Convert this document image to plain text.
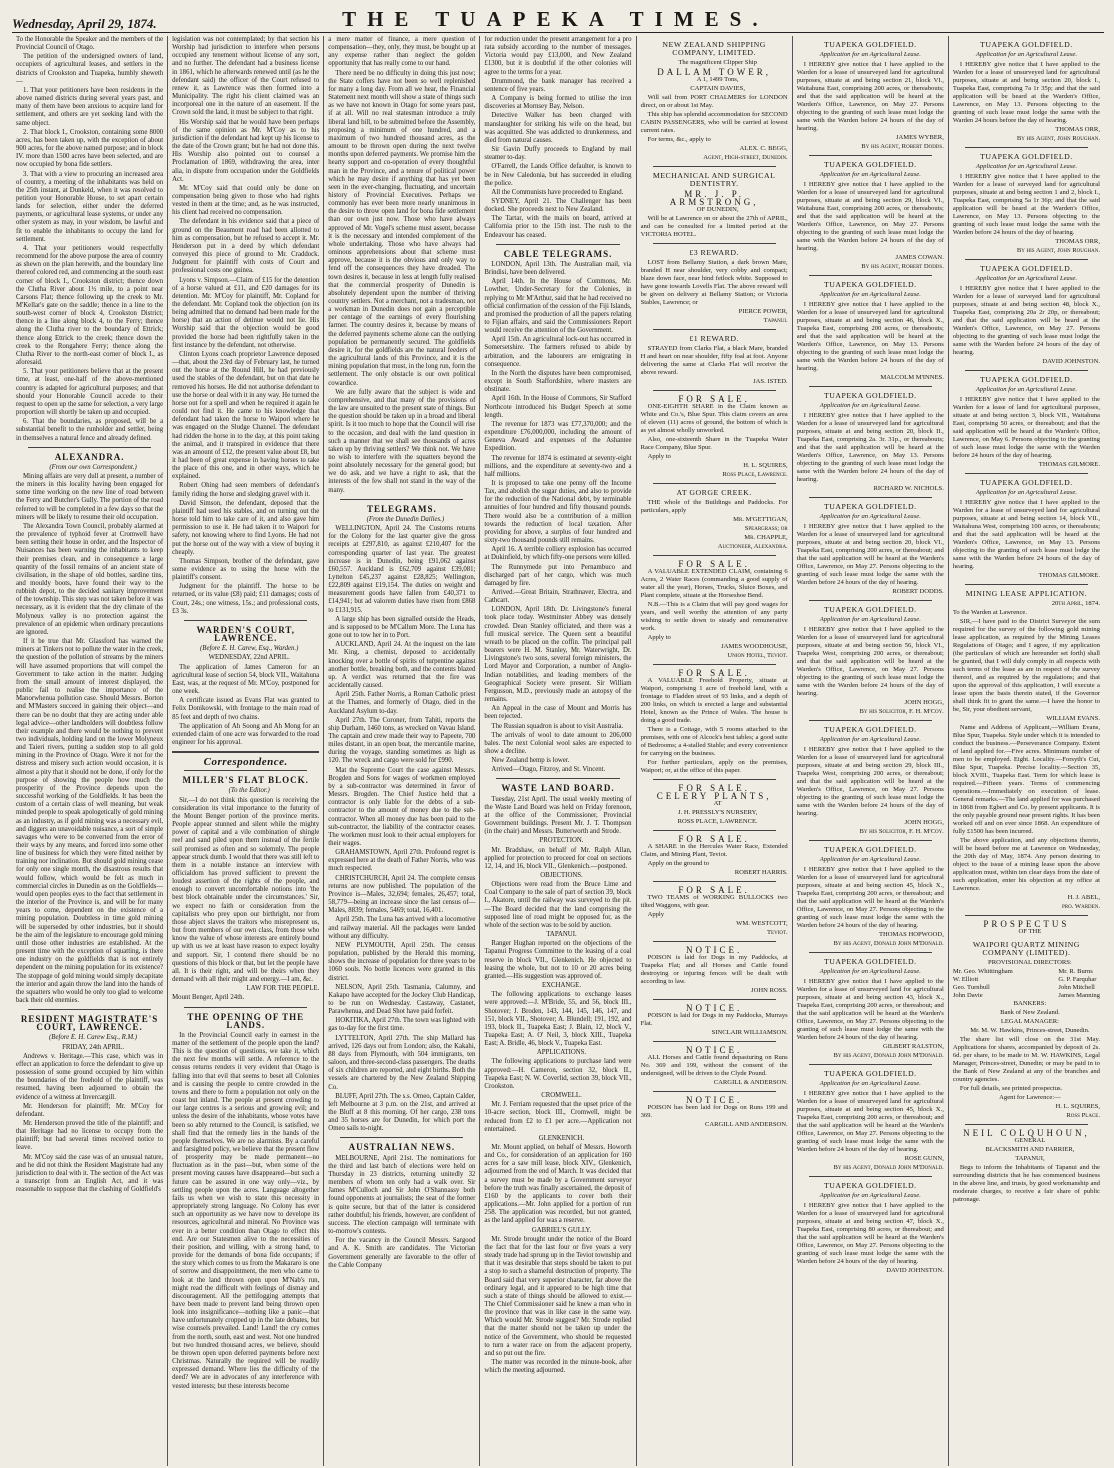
Wednesday, April 29, 1874.	THE TUAPEKA TIMES.

To the Honorable the Speaker and the members of the Provincial Council of Otago.

The petition of the undersigned owners of land, occupiers of agricultural leases, and settlers in the districts of Crookston and Tuapeka, humbly sheweth—

1. That your petitioners have been residents in the above named districts during several years past, and many of them have been anxious to acquire land for settlement, and others are yet seeking land with the same object.

2. That block I., Crookston, containing some 8000 acres, has been taken up, with the exception of about 900 acres, for the above named purpose; and in block IV. more than 1500 acres have been selected, and are now occupied by bona fide settlers.

3. That with a view to procuring an increased area of country, a meeting of the inhabitants was held on the 25th instant, at Dunkeld, when it was resolved to petition your Honorable House, to set apart certain lands for selection, either under the deferred payments, or agricultural lease systems, or under any other system as may, in your wisdom, be lawful and fit to enable the inhabitants to occupy the land for settlement.

4. That your petitioners would respectfully recommend for the above purpose the area of country as shewn on the plan herewith, and the boundary line thereof colored red, and commencing at the south east corner of block I., Crookston district; thence down the Clutha River about 1½ mile, to a point near Carsons Flat; thence following up the creek to Mr. M'Kellar's gate on the saddle; thence in a line to the south-west corner of block 4, Crookston District; thence in a line along block 4, to the Ferry; thence along the Clutha river to the boundary of Ettrick; thence along Ettrick to the creek; thence down the creek to the Rongahere Ferry; thence along the Clutha River to the north-east corner of block I., as aforesaid.

5. That your petitioners believe that at the present time, at least, one-half of the above-mentioned country is adapted for agricultural purposes; and that should your Honorable Council accede to their request to open up the same for selection, a very large proportion will shortly be taken up and occupied.

6. That the boundaries, as proposed, will be a substantial benefit to the runholder and settler, being in themselves a natural fence and already defined.

ALEXANDRA.

(From our own Correspondent.)

Mining affairs are very dull at present, a number of the miners in this locality having been engaged for some time working on the new line of road between the Ferry and Butcher's Gully. The portion of the road referred to will be completed in a few days so that the miners will be likely to resume their old occupation.

The Alexandra Town Council, probably alarmed at the prevalence of typhoid fever at Cromwell have been setting their house in order, and the Inspector of Nuisances has been warning the inhabitants to keep their premises clean, and in consequence a large quantity of the fossil remains of an ancient state of civilisation, in the shape of old bottles, sardine tins, and mouldy boots, have found their way to the rubbish depot, to the decided sanitary improvement of the township. This step was not taken before it was necessary, as it is evident that the dry climate of the Molyneux valley is no protection against the prevalence of an epidemic when ordinary precautions are ignored.

If it be true that Mr. Glassford has warned the miners at Tinkers not to pollute the water in the creek, the question of the pollution of streams by the miners will have assumed proportions that will compel the Government to take action in the matter. Judging from the small amount of interest displayed, the public fail to realise the importance of the Manorwhenua pollution case. Should Messrs. Borton and M'Masters succeed in gaining their object—and there can be no doubt that they are acting under able legal advice—other landholders will doubtless follow their example and there would be nothing to prevent two individuals, holding land on the lower Molyneux and Taieri rivers, putting a sudden stop to all gold mining in the Province of Otago. Were it not for the distress and misery such action would occasion, it is almost a pity that it should not be done, if only for the purpose of showing the people how much the prosperity of the Province depends upon the successful working of the Goldfields. It has been the custom of a certain class of well meaning, but weak minded people to speak apologetically of gold mining as an industry, as if gold mining was a necessary evil, and diggers an unavoidable nuisance, a sort of simple savages who were to be converted from the error of their ways by any means, and forced into some other line of business for which they were fitted neither by training nor inclination. But should gold mining cease for only one single month, the disastrous results that would follow, which would be felt as much in commercial circles in Dunedin as on the Goldfields—would open peoples eyes to the fact that settlement in the interior of the Province is, and will be for many years to come, dependent on the existence of a mining population. Doubtless in time gold mining will be superseded by other industries, but it should be the aim of the legislature to encourage gold mining until those other industries are established. At the present time with the exception of squatting, is there one industry on the goldfields that is not entirely dependent on the mining population for its existence? The stoppage of gold mining would simply decapitate the interior and again throw the land into the hands of the squatters who would be only too glad to welcome back their old enemies.

RESIDENT MAGISTRATE'S COURT, LAWRENCE.

(Before E. H. Carew Esq., R.M.)

FRIDAY, 24th APRIL.

Andrews v. Heritage.—This case, which was in effect an application to force the defendant to give up possession of some ground occupied by him within the boundaries of the freehold of the plaintiff, was resumed, having been adjourned to obtain the evidence of a witness at Invercargill.

Mr. Henderson for plaintiff; Mr. M'Coy for defendant.

Mr. Henderson proved the title of the plaintiff; and that Heritage had no license to occupy from the plaintiff; but had several times received notice to leave.

Mr. M'Coy said the case was of an unusual nature, and he did not think the Resident Magistrate had any jurisdiction to deal with it. The section of the Act was a transcript from an English Act, and it was reasonable to suppose that the clashing of Goldfield's

legislation was not contemplated; by that section his Worship had jurisdiction to interfere when persons occupied any tenement without license of any sort, and no further. The defendant had a business license in 1861, which he afterwards renewed until (as he the defendant said) the officer of the Court refused to renew it, as Lawrence was then formed into a Municipality. The right his client claimed was an incorporeal one in the nature of an easement. If the Crown sold the land, it must be subject to that right.

His Worship said that he would have been perhaps of the same opinion as Mr. M'Coy as to his jurisdiction if the defendant had kept up his license to the date of the Crown grant; but he had not done this. His Worship also pointed out to counsel a Proclamation of 1869, withdrawing the area, inter alia, in dispute from occupation under the Goldfields Act.

Mr. M'Coy said that could only be done on compensation being given to those who had rights vested in them at the time; and, as he was instructed, his client had received no compensation.

The defendant in his evidence said that a piece of ground on the Beaumont road had been allotted to him as compensation, but he refused to accept it. Mr. Henderson put in a deed by which defendant conveyed this piece of ground to Mr. Craddock. Judgment for plaintiff with costs of Court and professional costs one guinea.

Lyons v. Simpson.—Claim of £15 for the detention of a horse valued at £11, and £20 damages for its detention. Mr. M'Coy for plaintiff, Mr. Copland for the defendant. Mr. Copland took the objection (on its being admitted that no demand had been made for the horse) that an action of detinue would not lie. His Worship said that the objection would be good provided the horse had been rightfully taken in the first instance by the defendant, not otherwise.

Clinton Lyons coach proprietor Lawrence deposed—that, about the 23rd day of February last, he turned out the horse at the Round Hill, he had previously used the stables of the defendant, but on that date he removed his horses. He did not authorise defendant to use the horse or deal with it in any way. He turned the horse out for a spell and when he required it again he could not find it. He came to his knowledge that defendant had taken the horse to Waipori where he was engaged on the Sludge Channel. The defendant had ridden the horse in to the day, at this point taking the animal, and it transpired in evidence that there was an amount of £12, the present value about £8, but it had been of great expense in having horses to take the place of this one, and in other ways, which he explained.

Robert Ohing had seen members of defendant's family riding the horse and sledging gravel with it.

David Simson, the defendant, deposed that the plaintiff had used his stables, and on turning out the horse told him to take care of it, and also gave him permission to use it. He had taken it to Waipori for safety, not knowing where to find Lyons. He had not put the horse out of the way with a view of buying it cheaply.

Thomas Simpson, brother of the defendant, gave some evidence as to using the horse with the plaintiff's consent.

Judgment for the plaintiff. The horse to be returned, or its value (£8) paid; £11 damages; costs of Court, 24s.; one witness, 15s.; and professional costs, £3 3s.

WARDEN'S COURT, LAWRENCE.

(Before E. H. Carew, Esq., Warden.)

WEDNESDAY, 22nd APRIL.

The application of James Cameron for an agricultural lease of section 54, block VII., Waitahuna East, was, at the request of Mr. M'Coy, postponed for one week.

A certificate issued as Evans Flat was granted to Felix Donikowski, with frontage to the main road of 85 feet and depth of two chains.

The application of Ah Soong and Ah Mong for an extended claim of one acre was forwarded to the road engineer for his approval.

Correspondence.
MILLER'S FLAT BLOCK.

(To the Editor.)

Sir,—I do not think this question is receiving the consideration its vital importance to the futurity of the Mount Benger portion of the province merits. People appear stunned and silent while the mighty power of capital and a vile combination of shingle reef and sand piled upon them instead of the fertile soil promised as often and so solemnly. The people appear struck dumb. I would that there was still left to them in a notable instance an interview with officialdom has proved sufficient to prevent the loudest assertion of the rights of the people, and enough to convert uncomfortable notions into 'the best block obtainable under the circumstances.' Sir, we expect no faith or consideration from the capitalists who prey upon our birthright, nor from those abject slaves the traitors who misrepresent us, but from members of our own class, from those who know the value of whose interests are entirely bound up with us we at least have reason to expect loyalty and support. Sir, I contend there should be no questions of this block or that, but let the people have all. It is their right, and will be theirs when they demand with all their might and energy.—I am, &c.

LAW FOR THE PEOPLE.

Mount Benger, April 24th.

THE OPENING OF THE LANDS.

In the Provincial Council early in earnest in the matter of the settlement of the people upon the land? This is the question of questions, we take it, which the next few months will settle. A reference to the census returns renders it very evident that Otago is falling into that evil that seems to beset all Colonies and is causing the people to centre crowded in the towns and there to form a population not only on the coast but inland. The people at present crowding to our large centres is a serious and growing evil; and unless the desire of the inhabitants, whose votes have been so ably returned to the Council, is satisfied, we shall find that the remedy lies in the hands of the people themselves. We are no alarmists. By a careful and farsighted policy, we believe that the present flow of prosperity may be made permanent—no fluctuation as in the past—but, when some of the present moving causes have disappeared—but such a future can be assured in one way only—viz., by settling people upon the acres. Language altogether fails us when we wish to state this necessity in appropriately strong language. No Colony has ever such an opportunity as we have now to develope its resources, agricultural and mineral. No Province was ever in a better condition than Otago to effect this end. Are our Statesmen alive to the necessities of their position, and willing, with a strong hand, to provide for the demands of bona fide occupants; if the story which comes to us from the Makararo is one of sorrow and disappointment, the men who came to look at the land thrown open upon M'Nab's run, might read the difficult with feelings of dismay and discouragement. All the pettifogging attempts that have been made to prevent land being thrown open look into insignificance—nothing like a panic—that have unfortunately cropped up in the late debates, but wise counsels prevailed. Land! Land! the cry comes from the north, south, east and west. Not one hundred but two hundred thousand acres, we believe, should be thrown open upon deferred payments before next Christmas. Naturally the required will be readily expressed demand. Where lies the difficulty of the deed? We are in advocates of any interference with vested interests; but these interests become

a mere matter of finance, a mere question of compensation—they, only, they must, be bought up at any expense rather than neglect the golden opportunity that has really come to our hand.

There need be no difficulty in doing this just now; the State coffers have not been so well replenished for many a long day. From all we hear, the Financial Statement next month will show a state of things such as we have not known in Otago for some years past, if at all. Will no real statesman introduce a truly liberal land bill, to be submitted before the Assembly, proposing a minimum of one hundred, and a maximum of two hundred thousand acres, as the amount to be thrown open during the next twelve months upon deferred payments. We promise him the hearty support and co-operation of every thoughtful man in the Province, and a tenure of political power which he may desire if anything that has yet been seen in the ever-changing, fluctuating, and uncertain history of Provincial Executives. Perhaps we commonly has ever been more nearly unanimous in the desire to throw open land for bona fide settlement than our own just now. Those who have always approved of Mr. Vogel's scheme must assent, because it is the necessary and intended complement of the whole undertaking. Those who have always had ominous apprehensions about that scheme must approve, because it is the obvious and only way to fend off the consequences they have dreaded. The town desires it, because in less at length fully realised that the commercial prosperity of Dunedin is absolutely dependent upon the number of thriving country settlers. Not a merchant, not a tradesman, not a workman in Dunedin does not gain a perceptible per centage of the earnings of every flourishing farmer. The country desires it, because by means of the deferred payments scheme alone can the outlying population be permanently secured. The goldfields desire it, for the goldfields are the natural feeders of the agricultural lands of this Province, and it is the mining population that must, in the long run, form the settlement. The only obstacle is our own political cowardice.

We are fully aware that the subject is wide and comprehensive, and that many of the provisions of the law are unsuited to the present state of things. But the question should be taken up in a broad and liberal spirit. Is it too much to hope that the Council will rise to the occasion, and deal with the land question in such a manner that we shall see thousands of acres taken up by thriving settlers? We think not. We have no wish to interfere with the squatters beyond the point absolutely necessary for the general good; but we do ask, and we have a right to ask, that the interests of the few shall not stand in the way of the many.

TELEGRAMS.

(From the Dunedin Dailies.)

WELLINGTON, April 24. The Customs returns for the Colony for the last quarter give the gross receipts at £297,810, as against £210,407 for the corresponding quarter of last year. The greatest increase is in Dunedin, being £91,062 against £60,557. Auckland is £62,709 against £39,081; Lyttelton £45,237 against £28,825; Wellington, £22,809 against £19,154. The duties on weight and measurement goods have fallen from £40,371 to £14,941; but ad valorem duties have risen from £868 to £131,915.

A large ship has been signalled outside the Heads, and is supposed to be M'Callum More. The Luna has gone out to tow her in to Port.

AUCKLAND, April 24. At the inquest on the late Mr. King, a chemist, deposed to accidentally knocking over a bottle of spirits of turpentine against another bottle, breaking both, and the contents blazed up. A verdict was returned that the fire was accidentally caused.

April 25th. Father Norris, a Roman Catholic priest at the Thames, and formerly of Otago, died in the Auckland Asylum to-day.

April 27th. The Coroner, from Tahiti, reports the ship Durham, 1460 tons, as wrecked on Vavau Island. The captain and crew made their way to Papeete, 700 miles distant, in an open boat, the mercantile marine, during the voyage, standing sometimes as high as 120. The wreck and cargo were sold for £990.

Mat the Supreme Court the case against Messrs. Brogden and Sons for wages of workmen employed by a sub-contractor was determined in favor of Messrs. Brogden. The Chief Justice held that a contractor is only liable for the debts of a sub-contractor to the amount of money due to the sub-contractor. When all money due has been paid to the sub-contractor, the liability of the contractor ceases. The workmen must look to their actual employers for their wages.

GRAHAMSTOWN, April 27th. Profound regret is expressed here at the death of Father Norris, who was much respected.

CHRISTCHURCH, April 24. The complete census returns are now published. The population of the Province is—Males, 32,694; females, 26,457; total, 58,779—being an increase since the last census of—Males, 8839; females, 5469; total, 16,401.

April 25th. The Luna has arrived with a locomotive and railway material. All the packages were landed without any difficulty.

NEW PLYMOUTH, April 25th. The census population, published by the Herald this morning, shows the increase of population for three years to be 1060 souls. No bottle licences were granted in this district.

NELSON, April 25th. Tasmania, Calumny, and Kakapo have accepted for the Jockey Club Handicap, to be run on Wednesday. Castaway, Castanet, Parawhenua, and Dead Shot have paid forfeit.

HOKITIKA, April 27th. The town was lighted with gas to-day for the first time.

LYTTELTON, April 27th. The ship Mallard has arrived, 126 days out from London; also, the Kakahi, 88 days from Plymouth, with 504 immigrants, ten saloon, and three-second-class passengers. The deaths of six children are reported, and eight births. Both the vessels are chartered by the New Zealand Shipping Co.

BLUFF, April 27th. The s.s. Omeo, Captain Calder, left Melbourne at 3 p.m. on the 21st, and arrived at the Bluff at 8 this morning. Of her cargo, 238 tons and 35 horses are for Dunedin, for which port the Omeo sails to-night.

AUSTRALIAN NEWS.

MELBOURNE, April 21st. The nominations for the third and last batch of elections were held on Thursday in 23 districts, returning unitedly 32 members of whom ten only had a walk over. Sir James M'Culloch and Sir John O'Shannassy both found opponents at journalists; the seat of the former is quite secure, but that of the latter is considered rather doubtful; his friends, however, are confident of success. The election campaign will terminate with to-morrow's contests.

For the vacancy in the Council Messrs. Sargood and A. K. Smith are candidates. The Victorian Government generally are favorable to the offer of the Cable Company

for reduction under the present arrangement for a pro rata subsidy according to the number of messages. Victoria would pay £13,000, and New Zealand £1300, but it is doubtful if the other colonies will agree to the terms for a year.

Drummond, the bank manager has received a sentence of five years.

A Company is being formed to utilise the iron discoveries at Mornsey Bay, Nelson.

Detective Walker has been charged with manslaughter for striking his wife on the head, but was acquitted. She was addicted to drunkenness, and died from natural causes.

Sir Gavin Duffy proceeds to England by mail steamer to-day.

O'Farrell, the Lands Office defaulter, is known to be in New Caledonia, but has succeeded in eluding the police.

All the Communists have proceeded to England.

SYDNEY, April 21. The Challenger has been docked. She proceeds next to New Zealand.

The Tartar, with the mails on board, arrived at California prior to the 15th inst. The rush to the Endeavour has ceased.

CABLE TELEGRAMS.

LONDON, April 13th. The Australian mail, via Brindisi, have been delivered.

April 14th. In the House of Commons, Mr. Lowther, Under-Secretary for the Colonies, in replying to Mr M'Arthur, said that he had received no official confirmation of the cession of the Fiji Islands, and promised the production of all the papers relating to Fijian affairs, and said the Commissioners Report would receive the attention of the Government.

April 15th. An agricultural lock-out has occurred in Somersetshire. The farmers refused to abide by arbitration, and the labourers are emigrating in consequence.

In the North the disputes have been compromised, except in South Staffordshire, where masters are obstinate.

April 16th. In the House of Commons, Sir Stafford Northcote introduced his Budget Speech at some length.

The revenue for 1873 was £77,370,000; and the expenditure £76,000,000, including the amount of Geneva Award and expenses of the Ashantee Expedition.

The revenue for 1874 is estimated at seventy-eight millions, and the expenditure at seventy-two and a half millions.

It is proposed to take one penny off the Income Tax, and abolish the sugar duties, and also to provide for the reduction of the National debt, by terminable annuities of four hundred and fifty thousand pounds. There would also be a contribution of a million towards the reduction of local taxation. After providing for above, a surplus of four hundred and sixty-two thousand pounds still remains.

April 16. A terrible colliery explosion has occurred at Dukinfield, by which fifty-one persons were killed.

The Runnymede put into Pernambuco and discharged part of her cargo, which was much damaged by fire.

Arrived.—Great Britain, Strathnaver, Electra, and Cathcart.

LONDON, April 18th. Dr. Livingstone's funeral took place today. Westminster Abbey was densely crowded. Dean Stanley officiated, and there was a full musical service. The Queen sent a beautiful wreath to be placed on the coffin. The principal pall bearers were H. M. Stanley, Mr. Waterwright, Dr. Livingstone's two sons, several foreign ministers, the Lord Mayor and Corporation, a number of Anglo-Indian notabilities, and leading members of the Geographical Society were present. Sir William Fergusson, M.D., previously made an autopsy of the remains.

An Appeal in the case of Mount and Morris has been rejected.

The Russian squadron is about to visit Australia.

The arrivals of wool to date amount to 206,000 bales. The next Colonial wool sales are expected to show a decline.

New Zealand hemp is lower.

Arrived—Otago, Fitzroy, and St. Vincent.

WASTE LAND BOARD.

Tuesday, 21st April. The usual weekly meeting of the Waste Land Board was held on Friday forenoon, at the office of the Commissioner, Provincial Government buildings. Present Mr. J. T. Thompson (in the chair) and Messrs. Butterworth and Strode.

PROTECTION.

Mr. Bradshaw, on behalf of Mr. Ralph Allan, applied for protection to proceed for coal on sections 12, 14, and 16, block VII., Glenkenich.—postponed.

OBJECTIONS.

Objections were read from the Bruce Lime and Coal Company to the sale of part of section 39, block I., Akatore, until the railway was surveyed to the pit.—The Board decided that the land comprising the supposed line of road might be opposed for, as the whole of the section was to be sold by auction.

TAPANUI.

Ranger Hughan reported on the objections of the Tapanui Progress Committee to the leasing of a coal reserve in block VII., Glenkenich. He objected to leasing the whole, but not to 10 or 20 acres being granted.—His suggestion was approved of.

EXCHANGE.

The following applications to exchange leases were approved:—J. M'Bride, 55, and 56, block III., Shotover; J. Broden, 143, 144, 145, 146, 147, and 151, block VII., Shotover; A. Blundell; 191, 192, and 193, block II., Tuapeka East; J. Blain, 12, block V., Tuapeka East; A. O' Neil, 3, block XIII., Tuapeka East; A. Bridle, 46, block V., Tuapeka East.

APPLICATIONS.

The following applications to purchase land were approved:—H. Cameron, section 32, block II., Tuapeka East; N. W. Coverlid, section 39, block VII., Crookston.

CROMWELL.

Mr. J. Ferriam requested that the upset price of the 10-acre section, block III., Cromwell, might be reduced from £2 to £1 per acre.—Application not entertained.

GLENKENICH.

Mr. Mount applied, on behalf of Messrs. Howorth and Co., for consideration of an application for 160 acres for a saw mill lease, block XIV., Glenkenich, adjourned from the end of March. It was decided that a survey must be made by a Government surveyor before the truth was finally ascertained, the deposit of £160 by the applicants to cover both their applications.—Mr. John applied for a portion of run 258. The application was recorded, but not granted, as the land applied for was a reserve.

GABRIEL'S GULLY.

Mr. Strode brought under the notice of the Board the fact that for the last four or five years a very steady trade had sprung up in the Teviot township and that it was desirable that steps should be taken to put a stop to such a shameful destruction of property. The Board said that very superior character, far above the ordinary legal, and it appeared to be high time that such a state of things should be allowed to exist.—The Chief Commissioner said he knew a man who in the province that was in like case in the same way. Which would Mr. Strode suggest? Mr. Strode replied that the matter should not be taken up under the notice of the Government, who should be requested to turn a water race on from the adjacent property, and so put out the fire.

The matter was recorded in the minute-book, after which the meeting adjourned.

NEW ZEALAND SHIPPING COMPANY, LIMITED.

The magnificent Clipper Ship

DALLAM TOWER,

A 1, 1499 Tons,

CAPTAIN DAVIES,

Will sail from PORT CHALMERS for LONDON direct, on or about 1st May.

This ship has splendid accommodation for SECOND CABIN PASSENGERS, who will be carried at lowest current rates.

For terms, &c., apply to

ALEX. C. BEGG,

Agent, High-street, Dunedin.

MECHANICAL AND SURGICAL DENTISTRY.
MR. J. P. ARMSTRONG,

OF DUNEDIN,

Will be at Lawrence on or about the 27th of APRIL, and can be consulted for a limited period at the VICTORIA HOTEL.

£3 REWARD.

LOST from Bellamy Station, a dark brown Mare, branded H near shoulder, very cobby and compact; blaze down face, near hind fetlock white. Supposed to have gone towards Lovells Flat. The above reward will be given on delivery at Bellamy Station; or Victoria Stables, Lawrence; or

PIERCE POWER,

Tapanui.

£1 REWARD.

STRAYED from Clarks Flat, a black Mare, branded H and heart on near shoulder, fifty foal at foot. Anyone delivering the same at Clarks Flat will receive the above reward.

JAS. ISTED.

FOR SALE.

ONE-EIGHTH SHARE in the Claim known as White and Co.'s, Blue Spur. This claim covers an area of eleven (11) acres of ground, the bottom of which is as yet almost wholly unworked.

Also, one-sixteenth Share in the Tuapeka Water Race Company, Blue Spur.

Apply to

H. L. SQUIRES,

Ross Place, Lawrence.

AT GORGE CREEK.

THE whole of the Buildings and Paddocks. For particulars, apply

Mr. M'GETTIGAN,

Speargrass; or

Mr. CHAPPLE,

Auctioneer, Alexandra.

FOR SALE.

A VALUABLE EXTENDED CLAIM, containing 6 Acres, 2 Water Races (commanding a good supply of water all the year), Horses, Trucks, Sluice Boxes, and Plant complete, situate at the Horseshoe Bend.

N.B.—This is a Claim that will pay good wages for years, and well worthy the attention of any party wishing to settle down to steady and remunerative work.

Apply to

JAMES WOODHOUSE,

Union Hotel, Teviot.

FOR SALE.

A VALUABLE Freehold Property, situate at Waipori, comprising 1 acre of freehold land, with a frontage to Fladden street of 93 links, and a depth of 200 links, on which is erected a large and substantial Hotel, known as the Prince of Wales. The house is doing a good trade.

There is a Cottage, with 5 rooms attached to the premises, with one of Alcock's best tables; a good suite of Bedrooms; a 4-stalled Stable; and every convenience for carrying on the business.

For further particulars, apply on the premises, Waipori; or, at the office of this paper.

FOR SALE.
CELERY PLANTS,

AT

J. H. PRESSLY'S NURSERY,

ROSS PLACE, LAWRENCE.

FOR SALE.

A SHARE in the Hercules Water Race, Extended Claim, and Mining Plant, Teviot.

Apply on the ground to

ROBERT HARRIS.

FOR SALE.

TWO TEAMS of WORKING BULLOCKS two tilted Waggons, with gear.

Apply

WM. WESTCOTT,

Teviot.

NOTICE.

POISON is laid for Dogs in my Paddocks, at Tuapeka Flat; and all Horses and Cattle found destroying or injuring fences will be dealt with according to law.

JOHN ROSS.

NOTICE.

POISON is laid for Dogs in my Paddocks, Murrays Flat.

SINCLAIR WILLIAMSON.

NOTICE.

ALL Horses and Cattle found depasturing on Runs No. 369 and 199, without the consent of the undersigned, will be driven to the Clyde Pound.

CARGILL & ANDERSON.

NOTICE.

POISON has been laid for Dogs on Runs 199 and 369.

CARGILL AND ANDERSON.

TUAPEKA GOLDFIELD.
Application for an Agricultural Lease.

I HEREBY give notice that I have applied to the Warden for a lease of unsurveyed land for agricultural purposes, situate at and being section 21, block VI., Waitahuna East, comprising 200 acres, or thereabouts; and that the said application will be heard at the Warden's Office, Lawrence, on May 27. Persons objecting to the granting of such lease must lodge the same with the Warden before 24 hours of the day of hearing.

JAMES WYBER,

By his Agent, Robert Dodds.

TUAPEKA GOLDFIELD.
Application for an Agricultural Lease.

I HEREBY give notice that I have applied to the Warden for a lease of unsurveyed land for agricultural purposes, situate at and being section 29, block VI., Waitahuna East, comprising 200 acres, or thereabouts; and that the said application will be heard at the Warden's Office, Lawrence, on May 27. Persons objecting to the granting of such lease must lodge the same with the Warden before 24 hours of the day of hearing.

JAMES COWAN.

By his Agent, Robert Dodds.

TUAPEKA GOLDFIELD.
Application for an Agricultural Lease.

I HEREBY give notice that I have applied to the Warden for a lease of unsurveyed land for agricultural purposes, situate at and being section 46, block X., Tuapeka East, comprising 200 acres, or thereabouts; and that the said application will be heard at the Warden's Office, Lawrence, on May 13. Persons objecting to the granting of such lease must lodge the same with the Warden before 24 hours of the day of hearing.

MALCOLM M'INNES.

TUAPEKA GOLDFIELD.
Application for an Agricultural Lease.

I HEREBY give notice that I have applied to the Warden for a lease of unsurveyed land for agricultural purposes, situate at and being section 20, block II., Tuapeka East, comprising 2a. 3r. 31p., or thereabouts; and that the said application will be heard at the Warden's Office, Lawrence, on May 13. Persons objecting to the granting of such lease must lodge the same with the Warden before 24 hours of the day of hearing.

RICHARD W. NICHOLS.

TUAPEKA GOLDFIELD.
Application for an Agricultural Lease.

I HEREBY give notice that I have applied to the Warden for a lease of unsurveyed land for agricultural purposes, situate at and being section 20, block VI., Tuapeka East, comprising 200 acres, or thereabout; and that the said application will be heard at the Warden's Office, Lawrence, on May 27. Persons objecting to the granting of such lease must lodge the same with the Warden before 24 hours of the day of hearing.

ROBERT DODDS.

TUAPEKA GOLDFIELD.
Application for an Agricultural Lease.

I HEREBY give notice that I have applied to the Warden for a lease of unsurveyed land for agricultural purposes, situate at and being section 56, block VI., Tuapeka West, comprising 200 acres, or thereabout; and that the said application will be heard at the Warden's Office, Lawrence, on May 27. Persons objecting to the granting of such lease must lodge the same with the Warden before 24 hours of the day of hearing.

JOHN HOGG,

By his Solicitor, F. H. M'Coy.

TUAPEKA GOLDFIELD.
Application for an Agricultural Lease.

I HEREBY give notice that I have applied to the Warden for a lease of unsurveyed land for agricultural purposes, situate at and being section 29, block III., Tuapeka West, comprising 200 acres, or thereabout; and that the said application will be heard at the Warden's Office, Lawrence, on May 27. Persons objecting to the granting of such lease must lodge the same with the Warden before 24 hours of the day of hearing.

JOHN HOGG,

By his Solicitor, F. H. M'Coy.

TUAPEKA GOLDFIELD.
Application for an Agricultural Lease.

I HEREBY give notice that I have applied to the Warden for a lease of unsurveyed land for agricultural purposes, situate at and being section 45, block X., Tuapeka East, comprising 200 acres, or thereabout; and that the said application will be heard at the Warden's Office, Lawrence, on May 27. Persons objecting to the granting of such lease must lodge the same with the Warden before 24 hours of the day of hearing.

THOMAS HOPWOOD,

By his Agent, Donald John M'Donald.

TUAPEKA GOLDFIELD.
Application for an Agricultural Lease.

I HEREBY give notice that I have applied to the Warden for a lease of unsurveyed land for agricultural purposes, situate at and being section 43, block X., Tuapeka East, comprising 200 acres, or thereabout; and that the said application will be heard at the Warden's Office, Lawrence, on May 27. Persons objecting to the granting of such lease must lodge the same with the Warden before 24 hours of the day of hearing.

GILBERT RALSTON,

By his Agent, Donald John M'Donald.

TUAPEKA GOLDFIELD.
Application for an Agricultural Lease.

I HEREBY give notice that I have applied to the Warden for a lease of unsurveyed land for agricultural purposes, situate at and being section 45, block X., Tuapeka East, comprising 200 acres, or thereabout; and that the said application will be heard at the Warden's Office, Lawrence, on May 27. Persons objecting to the granting of such lease must lodge the same with the Warden before 24 hours of the day of hearing.

ROSE GUNN,

By his Agent, Donald John M'Donald.

TUAPEKA GOLDFIELD.
Application for an Agricultural Lease.

I HEREBY give notice that I have applied to the Warden for a lease of unsurveyed land for agricultural purposes, situate at and being section 47, block X., Tuapeka East, comprising 80 acres, or thereabout; and that the said application will be heard at the Warden's Office, Lawrence, on May 27. Persons objecting to the granting of such lease must lodge the same with the Warden before 24 hours of the day of hearing.

DAVID JOHNSTON.

TUAPEKA GOLDFIELD.
Application for an Agricultural Lease.

I HEREBY give notice that I have applied to the Warden for a lease of unsurveyed land for agricultural purposes, situate at and being section 20, block I., Tuapeka East, comprising 7a 1r 35p; and that the said application will be heard at the Warden's Office, Lawrence, on May 13. Persons objecting to the granting of such lease must lodge the same with the Warden 24 hours before the day of hearing.

THOMAS ORR,

By his Agent, John Roughan.

TUAPEKA GOLDFIELD.
Application for an Agricultural Lease.

I HEREBY give notice that I have applied to the Warden for a lease of surveyed land for agricultural purposes, situate at and being section 1 and 2, block I., Tuapeka East, comprising 5a 1r 36p; and that the said application will be heard at the Warden's Office, Lawrence, on May 13. Persons objecting to the granting of such lease must lodge the same with the Warden before 24 hours of the day of hearing.

THOMAS ORR,

By his Agent, John Roughan.

TUAPEKA GOLDFIELD.
Application for an Agricultural Lease.

I HEREBY give notice that I have applied to the Warden for a lease of surveyed land for agricultural purposes, situate at and being section 48, block X., Tuapeka East, comprising 20a 2r 20p, or thereabout; and that the said application will be heard at the Warden's Office, Lawrence, on May 27. Persons objecting to the granting of such lease must lodge the same with the Warden before 24 hours of the day of hearing.

DAVID JOHNSTON.

TUAPEKA GOLDFIELD.
Application for an Agricultural Lease.

I HEREBY give notice that I have applied to the Warden for a lease of land for agricultural purposes, situate at and being section 3, block VII., Waitahuna East, comprising 50 acres, or thereabout; and that the said application will be heard at the Warden's Office, Lawrence, on May 6. Persons objecting to the granting of such lease must lodge the same with the Warden before 24 hours of the day of hearing.

THOMAS GILMORE.

TUAPEKA GOLDFIELD.
Application for an Agricultural Lease.

I HEREBY give notice that I have applied to the Warden for a lease of unsurveyed land for agricultural purposes, situate at and being section 14, block VII., Waitahuna West, comprising 100 acres, or thereabouts; and that the said application will be heard at the Warden's Office, Lawrence, on May 13. Persons objecting to the granting of such lease must lodge the same with the Warden before 24 hours of the day of hearing.

THOMAS GILMORE.

MINING LEASE APPLICATION.

20th April, 1874.

To the Warden at Lawrence.

SIR,—I have paid to the District Surveyor the sum required for the survey of the following gold mining lease application, as required by the Mining Leases Regulations of Otago; and I agree, if my application (the particulars of which are hereunder set forth) shall be granted, that I will duly comply in all respects with such terms of the lease as are in respect of the survey thereof, and as required by the regulations; and that upon the approval of this application, I will execute a lease upon the basis therein stated, if the Governor shall think fit to grant the same.—I have the honor to be, Sir, your obedient servant,

WILLIAM EVANS.

Name and Address of Applicant,—William Evans, Blue Spur, Tuapeka. Style under which it is intended to conduct the business.—Perseverance Company. Extent of land applied for.—Five acres. Minimum number of men to be employed. Eight. Locality.—Forsyth's Cut, Blue Spur, Tuapeka. Precise locality.—Section 35, block XVIII., Tuapeka East. Term for which lease is required.—Fifteen years. Terms of commencing operations.—Immediately on execution of lease. General remarks.—The land applied for was purchased in 1868 from Egbert and Co. by present applicants. It is the only payable ground near present rights. It has been worked off and on ever since 1868. An expenditure of fully £1500 has been incurred.

The above application, and any objections thereto, will be heard before me at Lawrence on Wednesday, the 20th day of May, 1874. Any person desiring to object to the issue of a mining lease upon the above application must, within ten clear days from the date of such application, enter his objection at my office at Lawrence.

H. J. ABEL,

pro. Warden.

PROSPECTUS

OF THE

WAIPORI QUARTZ MINING COMPANY (LIMITED).

PROVISIONAL DIRECTORS:

Mr. Geo. Whittingham
W. Elliott
Geo. Turnbull
John Davie
Mr. R. Burns
G. P. Farquhar
John Mitchell
James Manning

BANKERS:

Bank of New Zealand.

LEGAL MANAGER:

Mr. M. W. Hawkins, Princes-street, Dunedin.

The share list will close on the 31st May. Applications for shares, accompanied by deposit of 2s. 6d. per share, to be made to M. W. HAWKINS, Legal Manager, Princes-street, Dunedin; or may be paid in to the Bank of New Zealand at any of the branches and country agencies.

For full details, see printed prospectus.

Agent for Lawrence:—

H. L. SQUIRES,

Ross Place.

NEIL COLQUHOUN,

GENERAL

BLACKSMITH AND FARRIER,

TAPANUI,

Begs to inform the Inhabitants of Tapanui and the surrounding districts that he has commenced business in the above line, and trusts, by good workmanship and moderate charges, to receive a fair share of public patronage.
